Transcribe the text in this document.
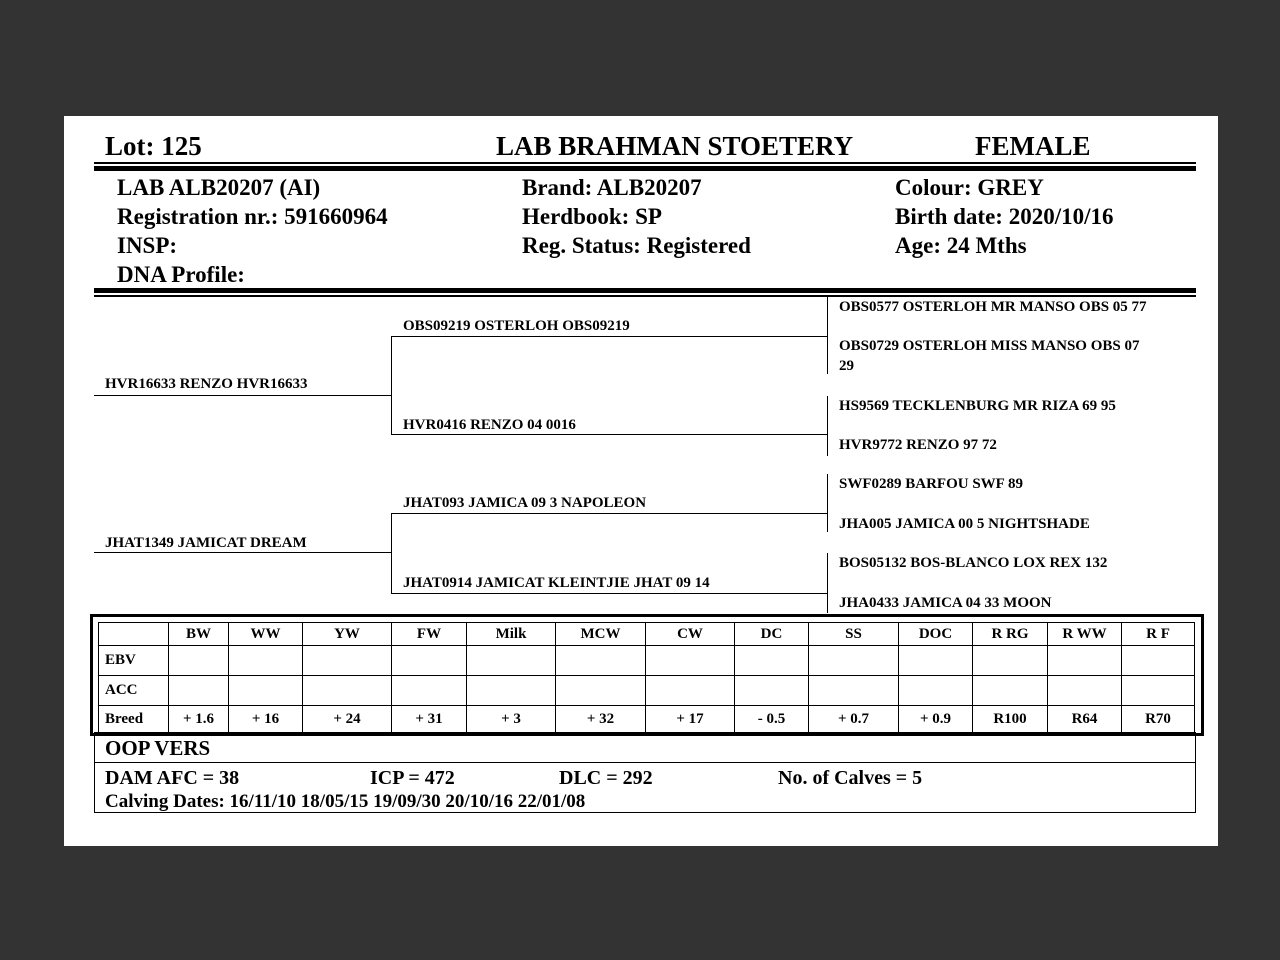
Lot: 125	LAB BRAHMAN STOETERY	FEMALE
LAB ALB20207 (AI)
Registration nr.: 591660964
INSP:
DNA Profile:
Brand: ALB20207
Herdbook: SP
Reg. Status: Registered
Colour: GREY
Birth date: 2020/10/16
Age: 24 Mths
HVR16633 RENZO HVR16633
JHAT1349 JAMICAT DREAM
OBS09219 OSTERLOH OBS09219
HVR0416 RENZO 04 0016
JHAT093 JAMICA 09 3 NAPOLEON
JHAT0914 JAMICAT KLEINTJIE JHAT 09 14
OBS0577 OSTERLOH MR MANSO OBS 05 77
OBS0729 OSTERLOH MISS MANSO OBS 07
29
HS9569 TECKLENBURG MR RIZA 69 95
HVR9772 RENZO 97 72
SWF0289 BARFOU SWF 89
JHA005 JAMICA 00 5 NIGHTSHADE
BOS05132 BOS-BLANCO LOX REX 132
JHA0433 JAMICA 04 33 MOON
	BW	WW	YW	FW	Milk	MCW	CW	DC	SS	DOC	R RG	R WW	R F
EBV													
ACC													
Breed	+ 1.6	+ 16	+ 24	+ 31	+ 3	+ 32	+ 17	- 0.5	+ 0.7	+ 0.9	R100	R64	R70
OOP VERS
DAM AFC = 38	ICP = 472	DLC = 292	No. of Calves = 5
Calving Dates: 16/11/10 18/05/15 19/09/30 20/10/16 22/01/08
